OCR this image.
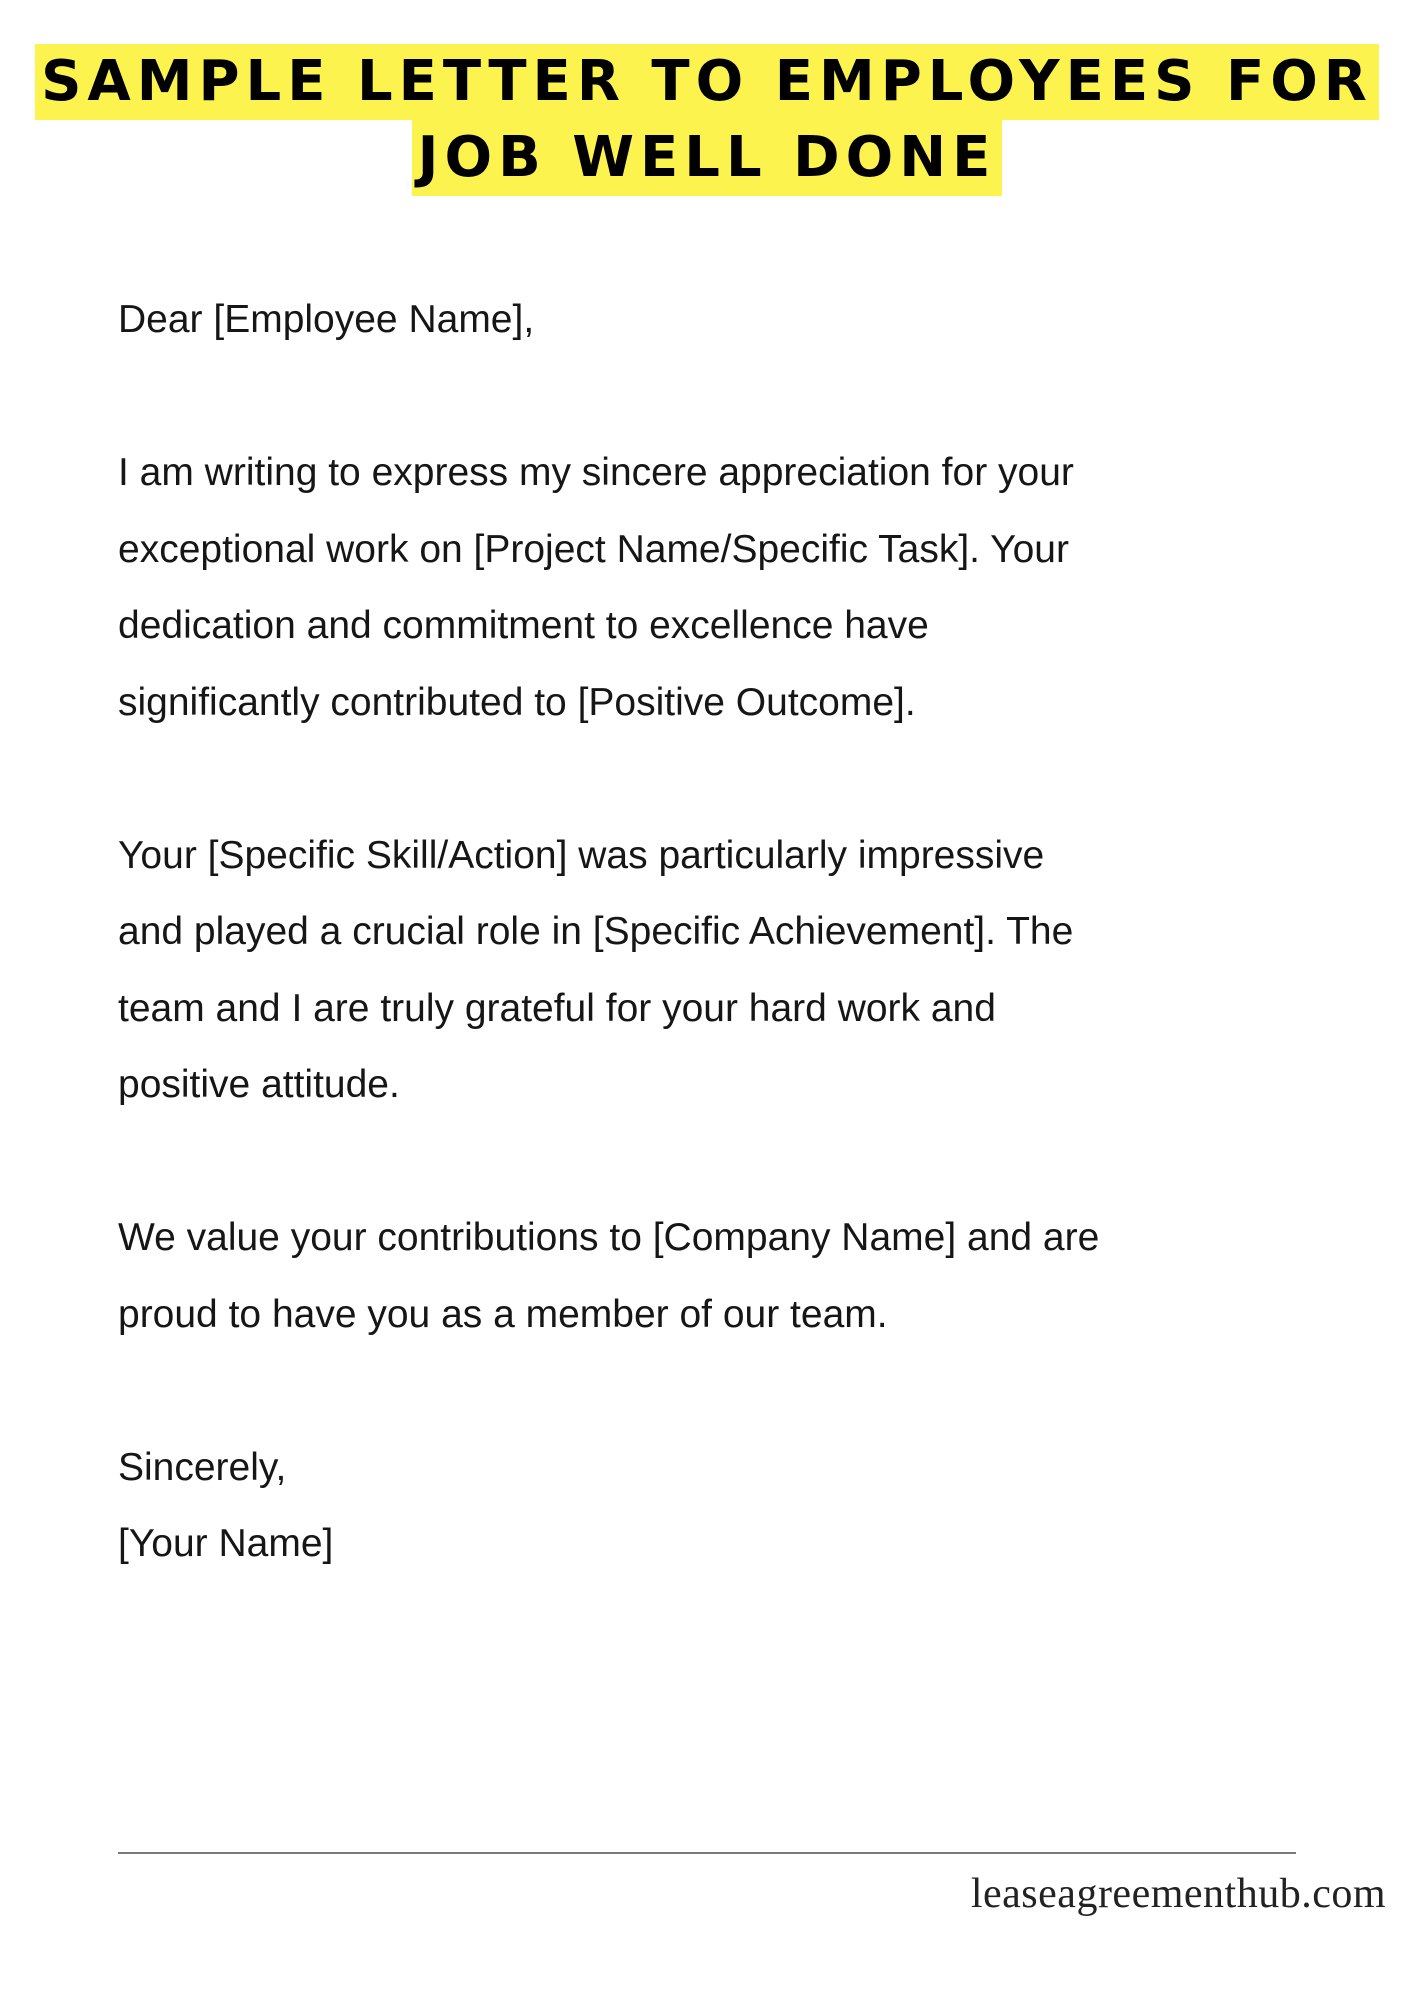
SAMPLE LETTER TO EMPLOYEES FOR
JOB WELL DONE

Dear [Employee Name],

I am writing to express my sincere appreciation for your

exceptional work on [Project Name/Specific Task]. Your

dedication and commitment to excellence have

significantly contributed to [Positive Outcome].

Your [Specific Skill/Action] was particularly impressive

and played a crucial role in [Specific Achievement]. The

team and I are truly grateful for your hard work and

positive attitude.

We value your contributions to [Company Name] and are

proud to have you as a member of our team.

Sincerely,

[Your Name]

leaseagreementhub.com
